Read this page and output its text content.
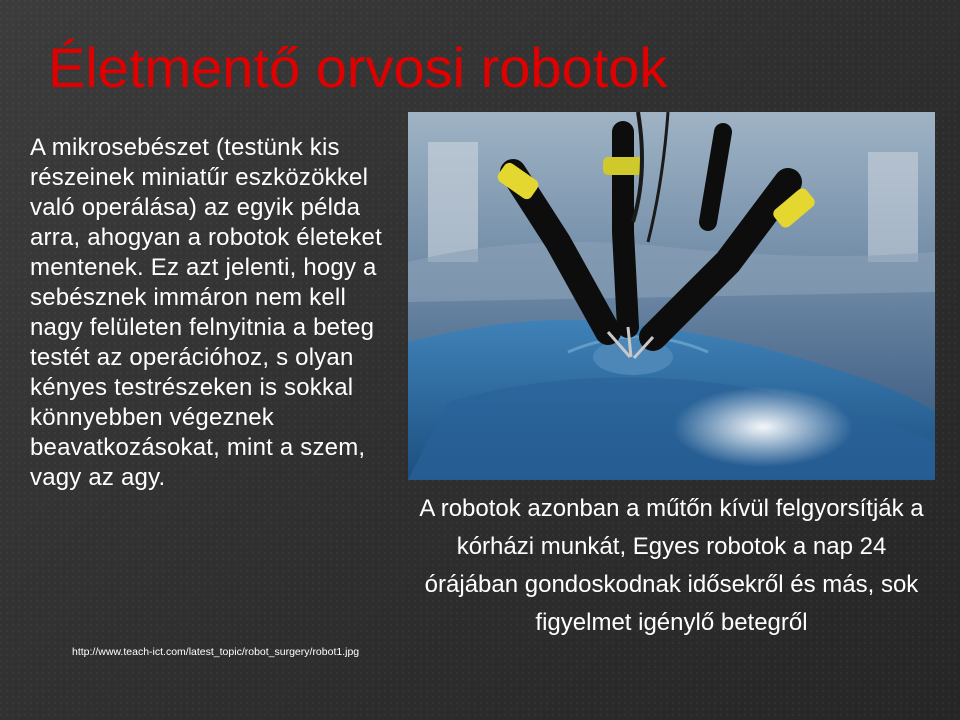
Életmentő orvosi robotok
A mikrosebészet (testünk kis részeinek miniatűr eszközökkel való operálása) az egyik példa arra, ahogyan a robotok életeket mentenek. Ez azt jelenti, hogy a sebésznek immáron nem kell nagy felületen felnyitnia a beteg testét az operációhoz, s olyan kényes testrészeken is sokkal könnyebben végeznek beavatkozásokat, mint a szem, vagy az agy.
http://www.teach-ict.com/latest_topic/robot_surgery/robot1.jpg
A robotok azonban a műtőn kívül felgyorsítják a kórházi munkát, Egyes robotok a nap 24 órájában gondoskodnak idősekről és más, sok figyelmet igénylő betegről
